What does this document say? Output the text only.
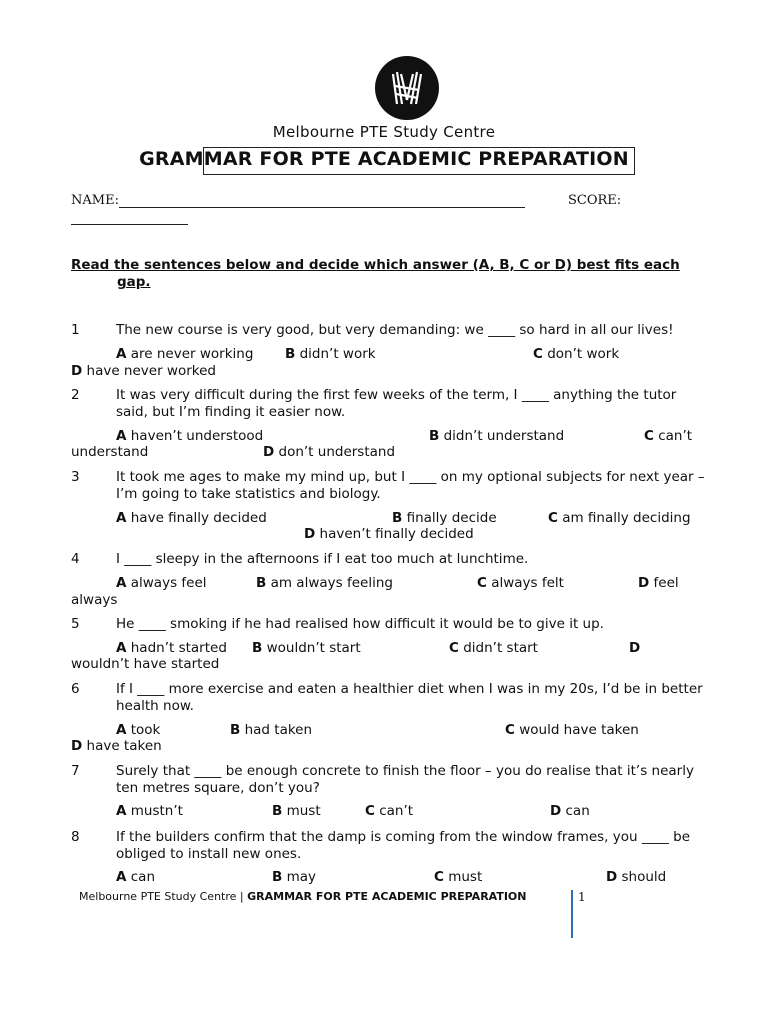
Melbourne PTE Study Centre
GRAMMAR FOR PTE ACADEMIC PREPARATION
NAME:	SCORE:
Read the sentences below and decide which answer (A, B, C or D) best fits each
gap.
1	The new course is very good, but very demanding: we ____ so hard in all our lives!
A are never working B didn’t work	C don’t work
D have never worked
2	It was very difficult during the first few weeks of the term, I ____ anything the tutor said, but I’m finding it easier now.
A haven’t understood	B didn’t understand	C can’t
understand	D don’t understand
3	It took me ages to make my mind up, but I ____ on my optional subjects for next year – I’m going to take statistics and biology.
A have finally decided	B finally decide	C am finally deciding
D haven’t finally decided
4	I ____ sleepy in the afternoons if I eat too much at lunchtime.
A always feel	B am always feeling	C always felt	D feel
always
5	He ____ smoking if he had realised how difficult it would be to give it up.
A hadn’t started B wouldn’t start	C didn’t start	D
wouldn’t have started
6	If I ____ more exercise and eaten a healthier diet when I was in my 20s, I’d be in better health now.
A took	B had taken	C would have taken
D have taken
7	Surely that ____ be enough concrete to finish the floor – you do realise that it’s nearly ten metres square, don’t you?
A mustn’t	B must	C can’t	D can
8	If the builders confirm that the damp is coming from the window frames, you ____ be obliged to install new ones.
A can	B may	C must	D should
Melbourne PTE Study Centre | GRAMMAR FOR PTE ACADEMIC PREPARATION	1
